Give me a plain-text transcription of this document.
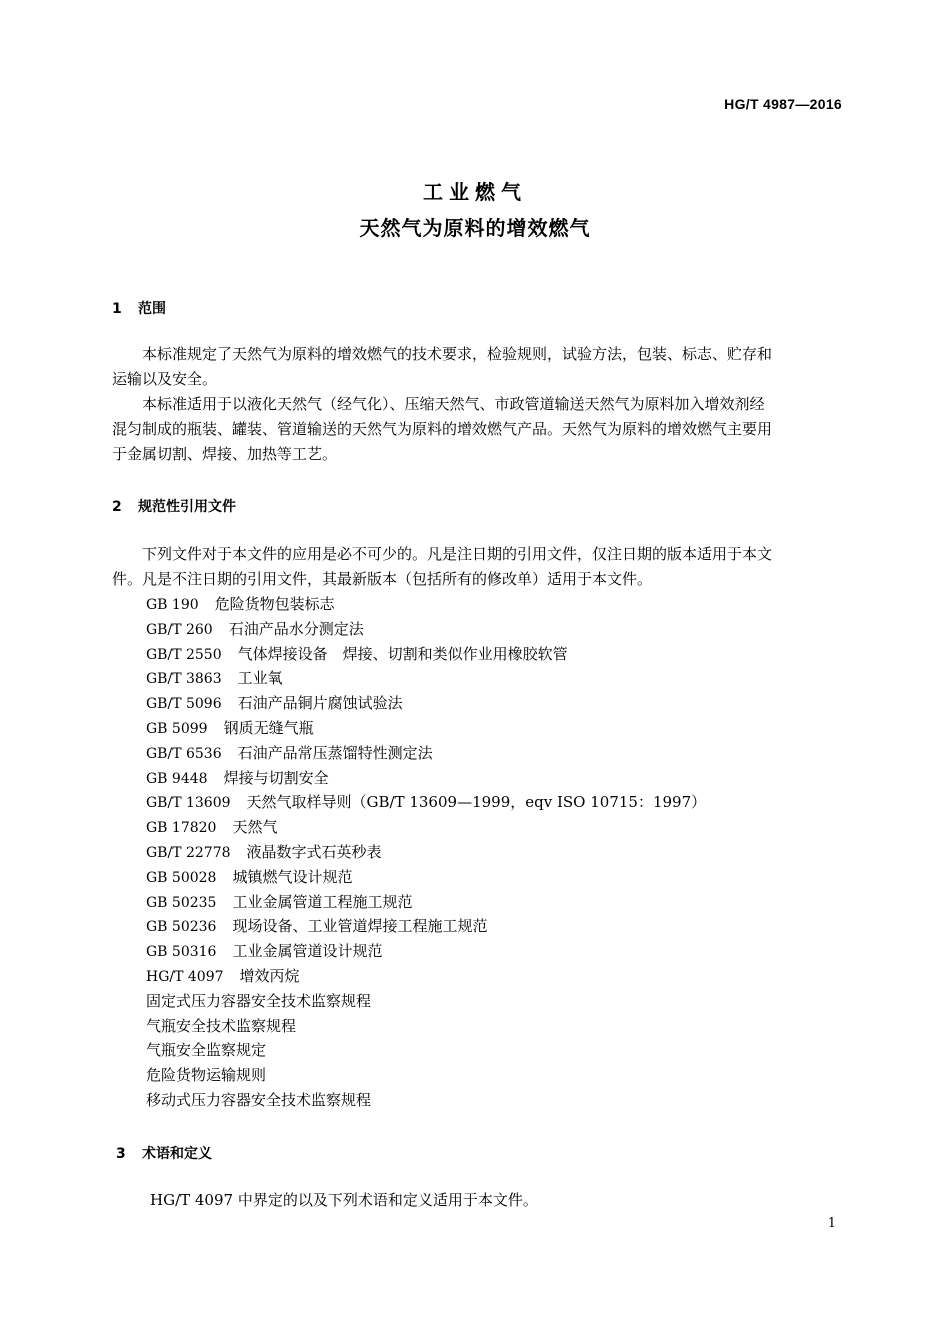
HG/T 4987—2016
工业燃气
天然气为原料的增效燃气
1 范围
本标准规定了天然气为原料的增效燃气的技术要求，检验规则，试验方法，包装、标志、贮存和
运输以及安全。
本标准适用于以液化天然气（经气化）、压缩天然气、市政管道输送天然气为原料加入增效剂经
混匀制成的瓶装、罐装、管道输送的天然气为原料的增效燃气产品。天然气为原料的增效燃气主要用
于金属切割、焊接、加热等工艺。
2 规范性引用文件
下列文件对于本文件的应用是必不可少的。凡是注日期的引用文件，仅注日期的版本适用于本文
件。凡是不注日期的引用文件，其最新版本（包括所有的修改单）适用于本文件。
GB 190 危险货物包装标志
GB/T 260 石油产品水分测定法
GB/T 2550 气体焊接设备　焊接、切割和类似作业用橡胶软管
GB/T 3863 工业氧
GB/T 5096 石油产品铜片腐蚀试验法
GB 5099 钢质无缝气瓶
GB/T 6536 石油产品常压蒸馏特性测定法
GB 9448 焊接与切割安全
GB/T 13609 天然气取样导则（GB/T 13609—1999，eqv ISO 10715：1997）
GB 17820 天然气
GB/T 22778 液晶数字式石英秒表
GB 50028 城镇燃气设计规范
GB 50235 工业金属管道工程施工规范
GB 50236 现场设备、工业管道焊接工程施工规范
GB 50316 工业金属管道设计规范
HG/T 4097 增效丙烷
固定式压力容器安全技术监察规程
气瓶安全技术监察规程
气瓶安全监察规定
危险货物运输规则
移动式压力容器安全技术监察规程
3 术语和定义
HG/T 4097 中界定的以及下列术语和定义适用于本文件。
1
